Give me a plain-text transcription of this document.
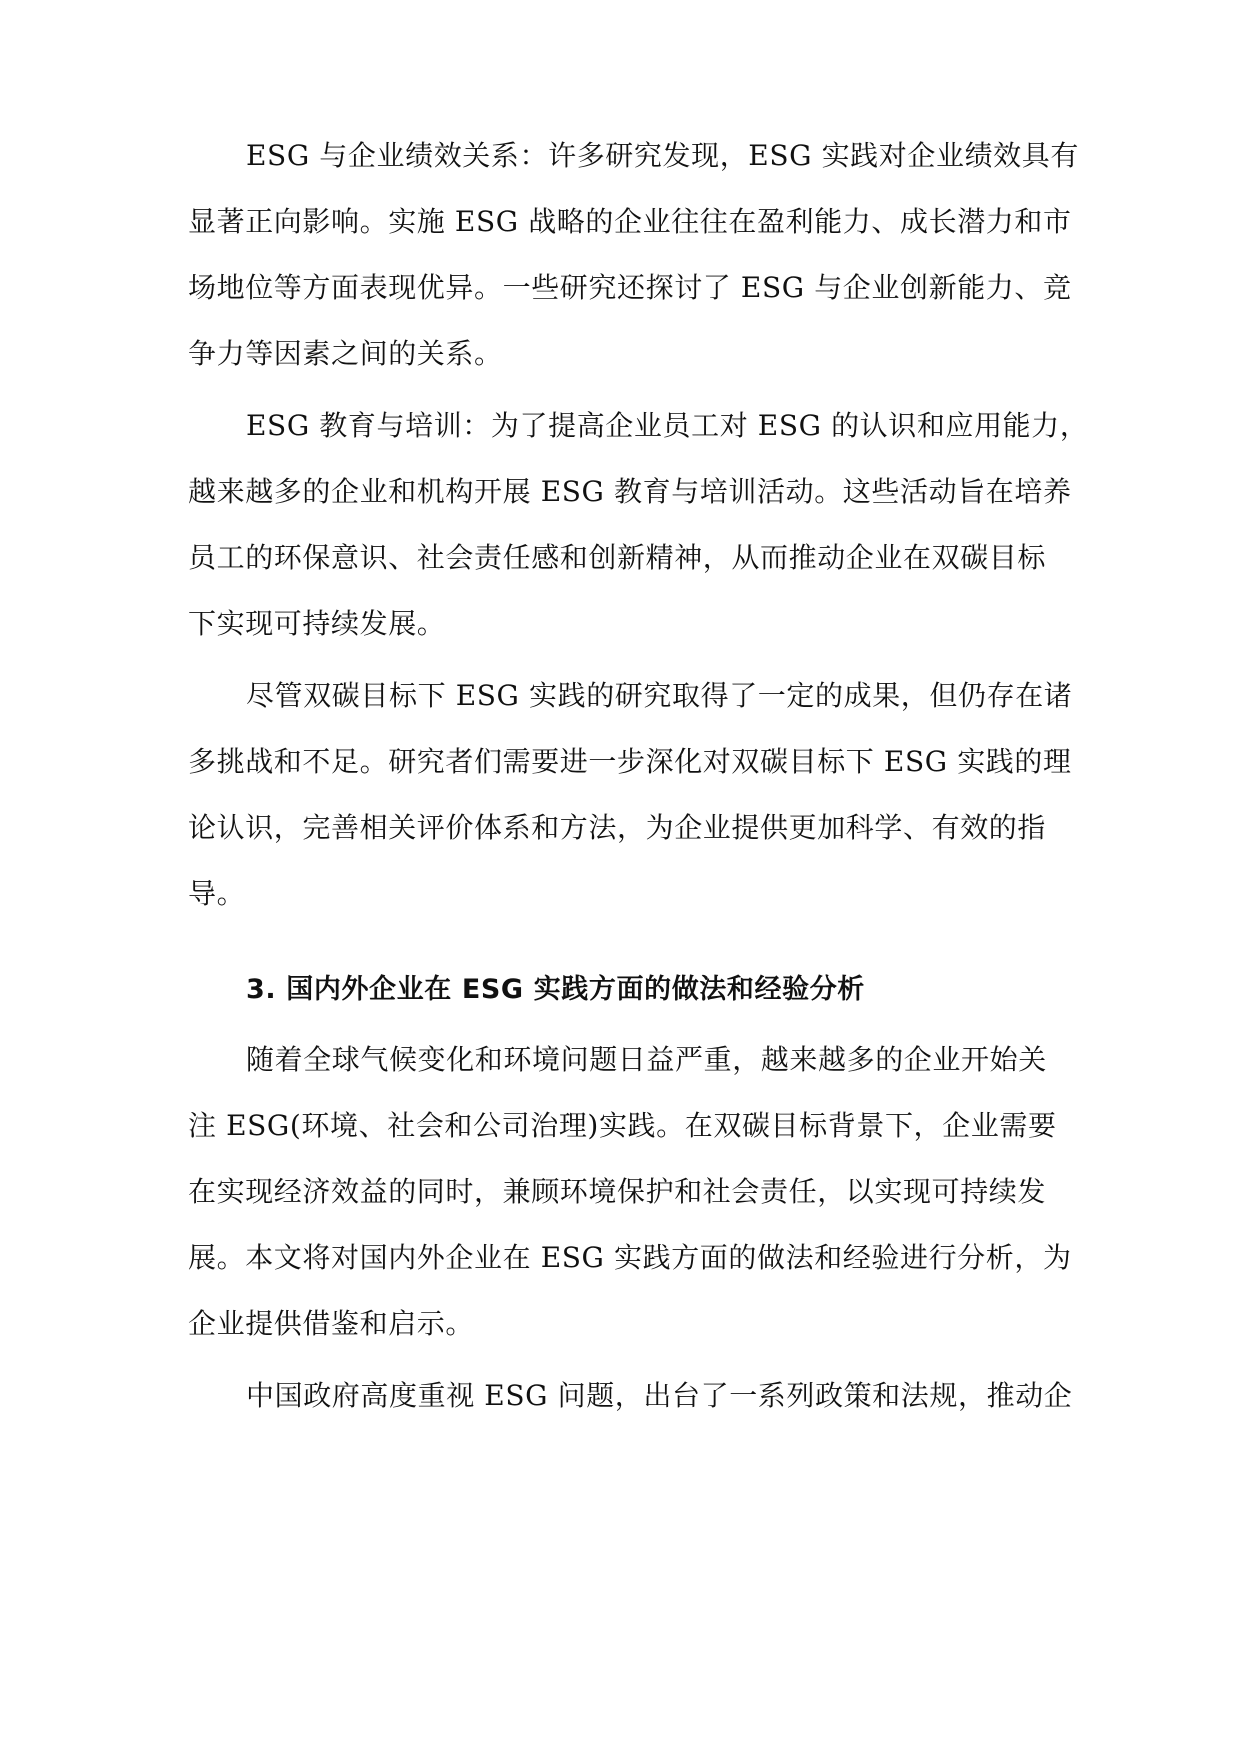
ESG 与企业绩效关系：许多研究发现，ESG 实践对企业绩效具有
显著正向影响。实施 ESG 战略的企业往往在盈利能力、成长潜力和市
场地位等方面表现优异。一些研究还探讨了 ESG 与企业创新能力、竞
争力等因素之间的关系。
ESG 教育与培训：为了提高企业员工对 ESG 的认识和应用能力，
越来越多的企业和机构开展 ESG 教育与培训活动。这些活动旨在培养
员工的环保意识、社会责任感和创新精神，从而推动企业在双碳目标
下实现可持续发展。
尽管双碳目标下 ESG 实践的研究取得了一定的成果，但仍存在诸
多挑战和不足。研究者们需要进一步深化对双碳目标下 ESG 实践的理
论认识，完善相关评价体系和方法，为企业提供更加科学、有效的指
导。
3. 国内外企业在 ESG 实践方面的做法和经验分析
随着全球气候变化和环境问题日益严重，越来越多的企业开始关
注 ESG(环境、社会和公司治理)实践。在双碳目标背景下，企业需要
在实现经济效益的同时，兼顾环境保护和社会责任，以实现可持续发
展。本文将对国内外企业在 ESG 实践方面的做法和经验进行分析，为
企业提供借鉴和启示。
中国政府高度重视 ESG 问题，出台了一系列政策和法规，推动企
